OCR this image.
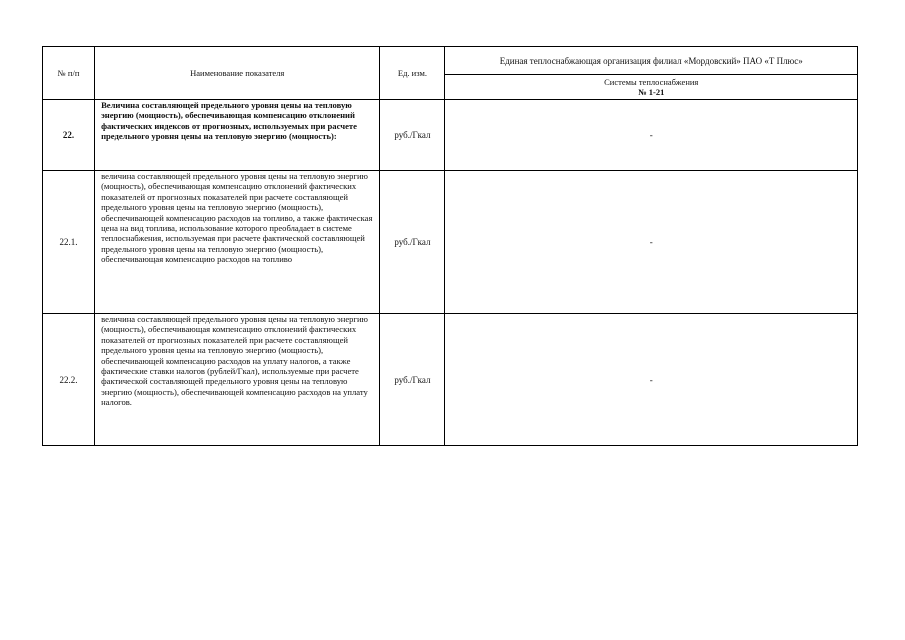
№ п/п	Наименование показателя	Ед. изм.	Единая теплоснабжающая организация филиал «Мордовский» ПАО «Т Плюс»

			Системы теплоснабжения
№ 1-21

22.	Величина составляющей предельного уровня цены на тепловую энергию (мощность), обеспечивающая компенсацию отклонений фактических индексов от прогнозных, используемых при расчете предельного уровня цены на тепловую энергию (мощность):	руб./Гкал	-
22.1.	величина составляющей предельного уровня цены на тепловую энергию (мощность), обеспечивающая компенсацию отклонений фактических показателей от прогнозных показателей при расчете составляющей предельного уровня цены на тепловую энергию (мощность), обеспечивающей компенсацию расходов на топливо, а также фактическая цена на вид топлива, использование которого преобладает в системе теплоснабжения, используемая при расчете фактической составляющей предельного уровня цены на тепловую энергию (мощность), обеспечивающая компенсацию расходов на топливо	руб./Гкал	-
22.2.	величина составляющей предельного уровня цены на тепловую энергию (мощность), обеспечивающая компенсацию отклонений фактических показателей от прогнозных показателей при расчете составляющей предельного уровня цены на тепловую энергию (мощность), обеспечивающей компенсацию расходов на уплату налогов, а также фактические ставки налогов (рублей/Гкал), используемые при расчете фактической составляющей предельного уровня цены на тепловую энергию (мощность), обеспечивающей компенсацию расходов на уплату налогов.	руб./Гкал	-
